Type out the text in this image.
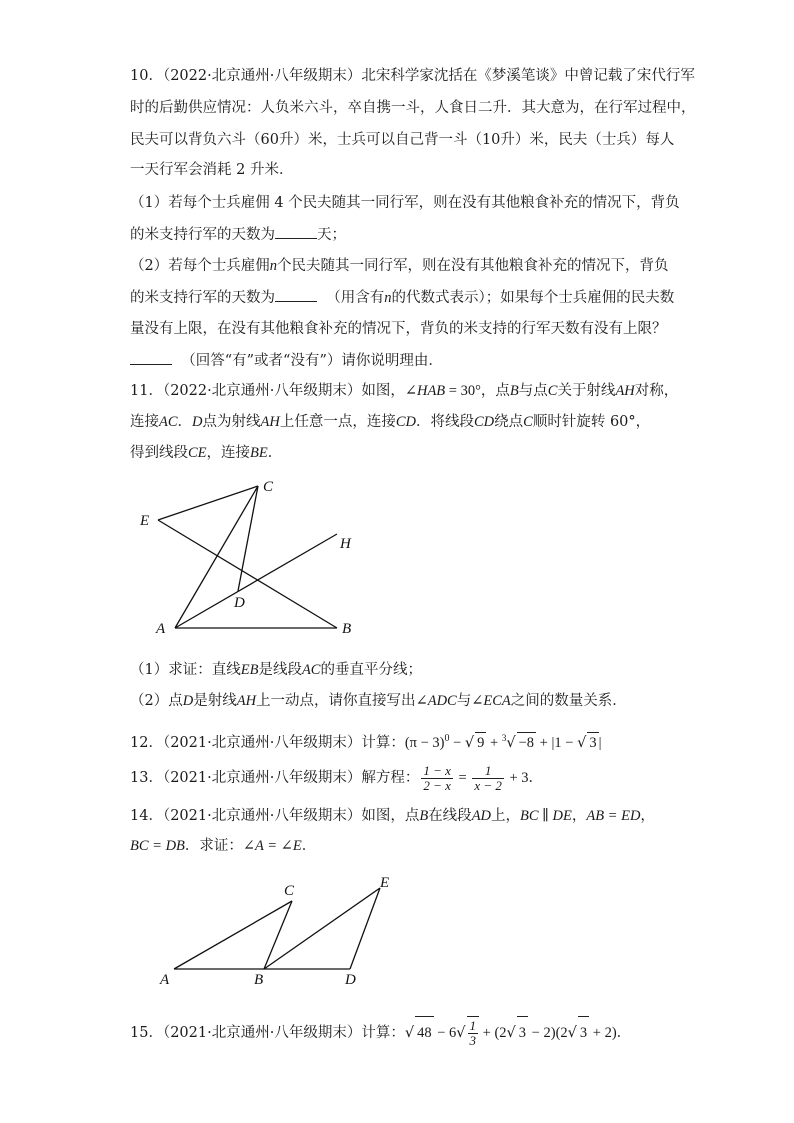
10．（2022·北京通州·八年级期末）北宋科学家沈括在《梦溪笔谈》中曾记载了宋代行军
时的后勤供应情况：人负米六斗，卒自携一斗，人食日二升．其大意为，在行军过程中，
民夫可以背负六斗（60升）米，士兵可以自己背一斗（10升）米，民夫（士兵）每人
一天行军会消耗 2 升米．
（1）若每个士兵雇佣 4 个民夫随其一同行军，则在没有其他粮食补充的情况下，背负
的米支持行军的天数为	天；
（2）若每个士兵雇佣n个民夫随其一同行军，则在没有其他粮食补充的情况下，背负
的米支持行军的天数为	（用含有n的代数式表示）；如果每个士兵雇佣的民夫数
量没有上限，在没有其他粮食补充的情况下，背负的米支持的行军天数有没有上限？
（回答“有”或者“没有”）请你说明理由．
11．（2022·北京通州·八年级期末）如图，∠HAB = 30°，点B与点C关于射线AH对称，
连接AC．D点为射线AH上任意一点，连接CD．将线段CD绕点C顺时针旋转 60°，
得到线段CE，连接BE．
C
E
H
D
A	B
（1）求证：直线EB是线段AC的垂直平分线；
（2）点D是射线AH上一动点，请你直接写出∠ADC与∠ECA之间的数量关系．
12．（2021·北京通州·八年级期末）计算：$(\pi - 3)^0$ − √ 9 + $^3$√ −8 + |1 − √ 3 |
13．（2021·北京通州·八年级期末）解方程： $\frac{1 - x}{2 - x} = \frac{1}{x - 2} + 3$．
14．（2021·北京通州·八年级期末）如图，点B在线段AD上，BC ∥ DE，AB = ED，
BC = DB．求证：∠A = ∠E．
C	E
A	B	D
15．（2021·北京通州·八年级期末）计算：√ $48 - 6√ \frac{1}{3} + (2√$ 3 − 2)(2√ 3 + 2)．
